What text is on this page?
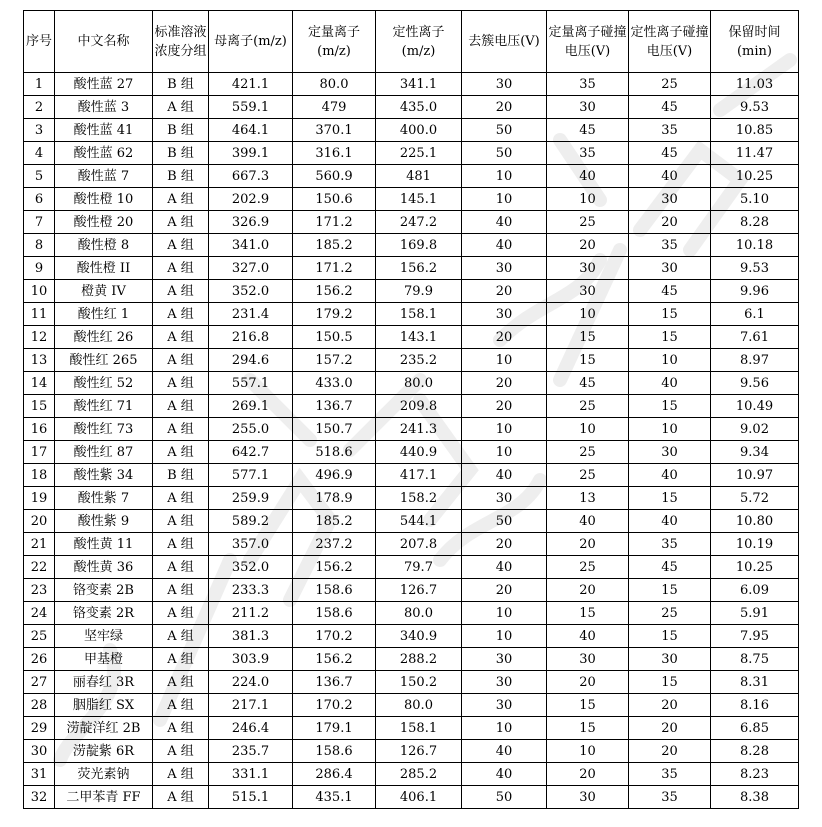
序号	中文名称	标准溶液浓度分组	母离子(m/z)	定量离子(m/z)	定性离子(m/z)	去簇电压(V)	定量离子碰撞电压(V)	定性离子碰撞电压(V)	保留时间(min)
1	酸性蓝 27	B 组	421.1	80.0	341.1	30	35	25	11.03
2	酸性蓝 3	A 组	559.1	479	435.0	20	30	45	9.53
3	酸性蓝 41	B 组	464.1	370.1	400.0	50	45	35	10.85
4	酸性蓝 62	B 组	399.1	316.1	225.1	50	35	45	11.47
5	酸性蓝 7	B 组	667.3	560.9	481	10	40	40	10.25
6	酸性橙 10	A 组	202.9	150.6	145.1	10	10	30	5.10
7	酸性橙 20	A 组	326.9	171.2	247.2	40	25	20	8.28
8	酸性橙 8	A 组	341.0	185.2	169.8	40	20	35	10.18
9	酸性橙 II	A 组	327.0	171.2	156.2	30	30	30	9.53
10	橙黄 IV	A 组	352.0	156.2	79.9	20	30	45	9.96
11	酸性红 1	A 组	231.4	179.2	158.1	30	10	15	6.1
12	酸性红 26	A 组	216.8	150.5	143.1	20	15	15	7.61
13	酸性红 265	A 组	294.6	157.2	235.2	10	15	10	8.97
14	酸性红 52	A 组	557.1	433.0	80.0	20	45	40	9.56
15	酸性红 71	A 组	269.1	136.7	209.8	20	25	15	10.49
16	酸性红 73	A 组	255.0	150.7	241.3	10	10	10	9.02
17	酸性红 87	A 组	642.7	518.6	440.9	10	25	30	9.34
18	酸性紫 34	B 组	577.1	496.9	417.1	40	25	40	10.97
19	酸性紫 7	A 组	259.9	178.9	158.2	30	13	15	5.72
20	酸性紫 9	A 组	589.2	185.2	544.1	50	40	40	10.80
21	酸性黄 11	A 组	357.0	237.2	207.8	20	20	35	10.19
22	酸性黄 36	A 组	352.0	156.2	79.7	40	25	45	10.25
23	铬变素 2B	A 组	233.3	158.6	126.7	20	20	15	6.09
24	铬变素 2R	A 组	211.2	158.6	80.0	10	15	25	5.91
25	坚牢绿	A 组	381.3	170.2	340.9	10	40	15	7.95
26	甲基橙	A 组	303.9	156.2	288.2	30	30	30	8.75
27	丽春红 3R	A 组	224.0	136.7	150.2	30	20	15	8.31
28	胭脂红 SX	A 组	217.1	170.2	80.0	30	15	20	8.16
29	涝靛洋红 2B	A 组	246.4	179.1	158.1	10	15	20	6.85
30	涝靛紫 6R	A 组	235.7	158.6	126.7	40	10	20	8.28
31	荧光素钠	A 组	331.1	286.4	285.2	40	20	35	8.23
32	二甲苯青 FF	A 组	515.1	435.1	406.1	50	30	35	8.38
